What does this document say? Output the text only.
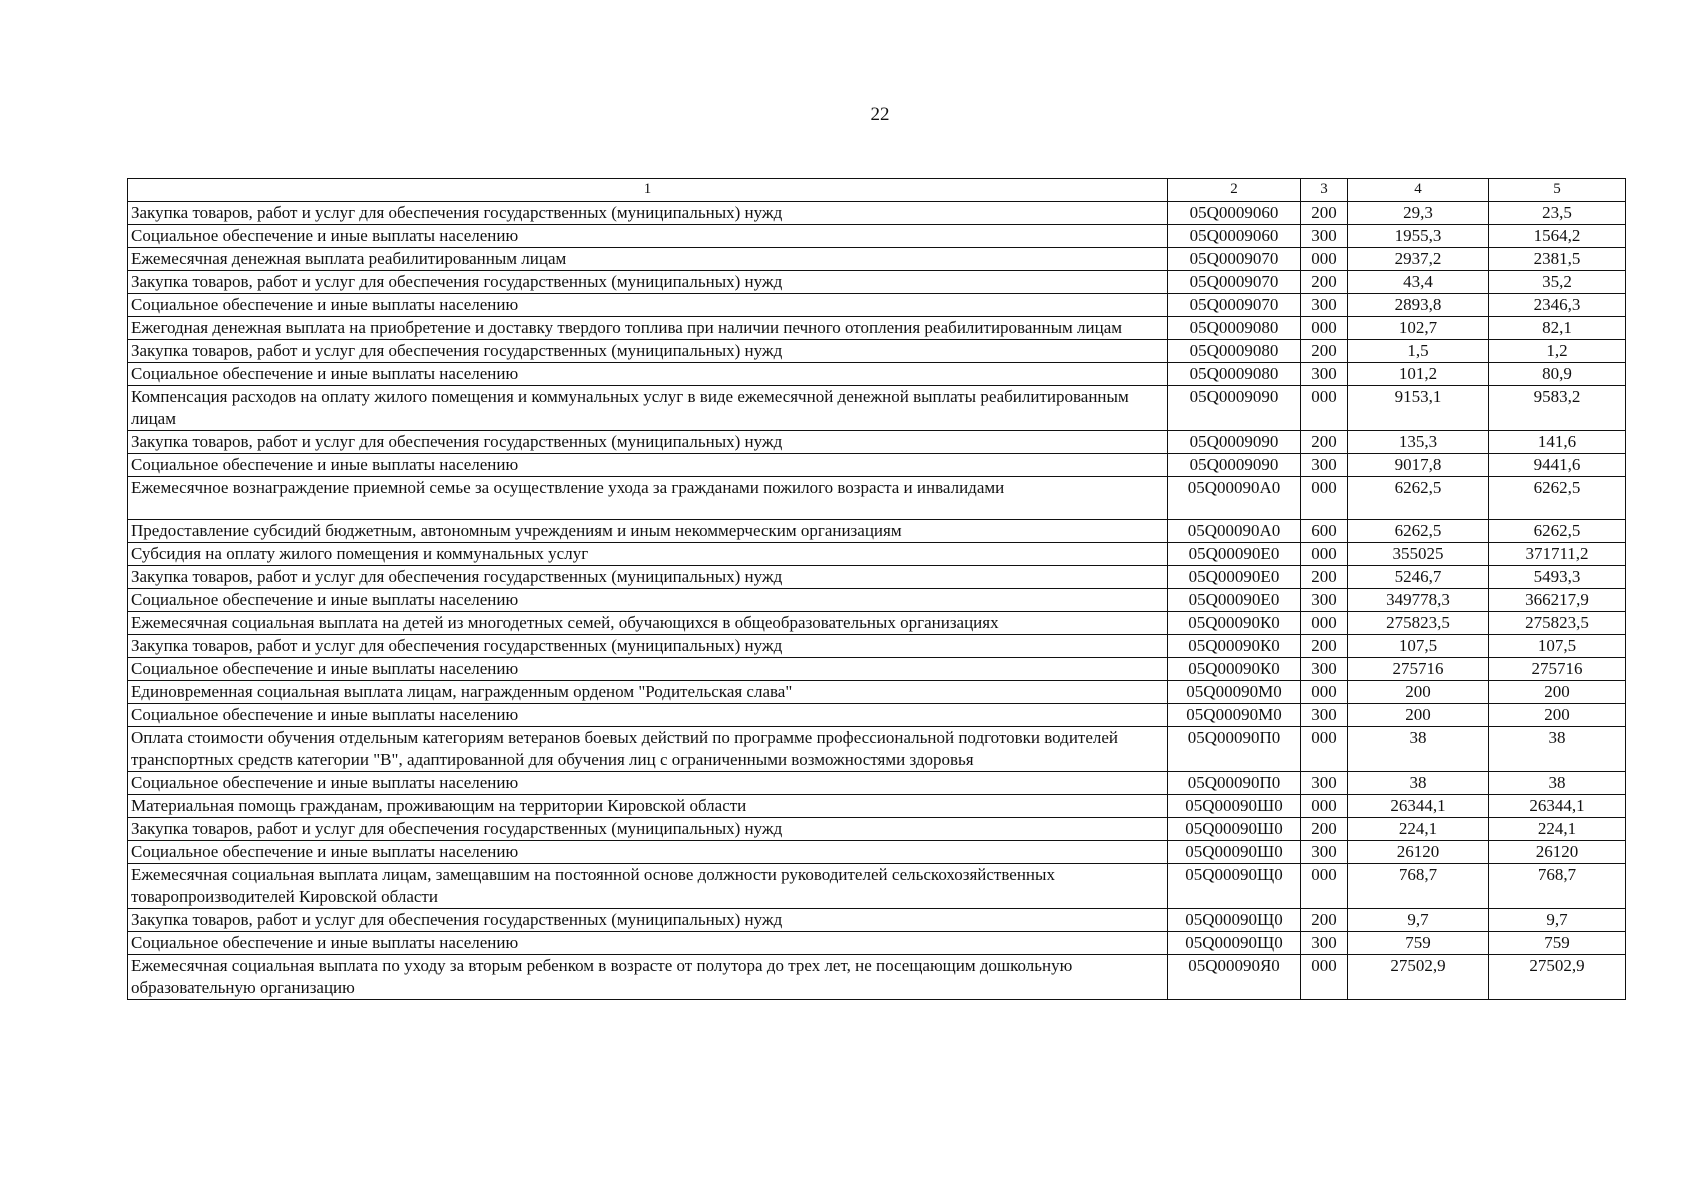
22
1	2	3	4	5
Закупка товаров, работ и услуг для обеспечения государственных (муниципальных) нужд	05Q0009060	200	29,3	23,5
Социальное обеспечение и иные выплаты населению	05Q0009060	300	1955,3	1564,2
Ежемесячная денежная выплата реабилитированным лицам	05Q0009070	000	2937,2	2381,5
Закупка товаров, работ и услуг для обеспечения государственных (муниципальных) нужд	05Q0009070	200	43,4	35,2
Социальное обеспечение и иные выплаты населению	05Q0009070	300	2893,8	2346,3
Ежегодная денежная выплата на приобретение и доставку твердого топлива при наличии печного отопления реабилитированным лицам	05Q0009080	000	102,7	82,1
Закупка товаров, работ и услуг для обеспечения государственных (муниципальных) нужд	05Q0009080	200	1,5	1,2
Социальное обеспечение и иные выплаты населению	05Q0009080	300	101,2	80,9
Компенсация расходов на оплату жилого помещения и коммунальных услуг в виде ежемесячной денежной выплаты реабилитированным лицам	05Q0009090	000	9153,1	9583,2
Закупка товаров, работ и услуг для обеспечения государственных (муниципальных) нужд	05Q0009090	200	135,3	141,6
Социальное обеспечение и иные выплаты населению	05Q0009090	300	9017,8	9441,6
Ежемесячное вознаграждение приемной семье за осуществление ухода за гражданами пожилого возраста и инвалидами	05Q00090А0	000	6262,5	6262,5
Предоставление субсидий бюджетным, автономным учреждениям и иным некоммерческим организациям	05Q00090А0	600	6262,5	6262,5
Субсидия на оплату жилого помещения и коммунальных услуг	05Q00090Е0	000	355025	371711,2
Закупка товаров, работ и услуг для обеспечения государственных (муниципальных) нужд	05Q00090Е0	200	5246,7	5493,3
Социальное обеспечение и иные выплаты населению	05Q00090Е0	300	349778,3	366217,9
Ежемесячная социальная выплата на детей из многодетных семей, обучающихся в общеобразовательных организациях	05Q00090К0	000	275823,5	275823,5
Закупка товаров, работ и услуг для обеспечения государственных (муниципальных) нужд	05Q00090К0	200	107,5	107,5
Социальное обеспечение и иные выплаты населению	05Q00090К0	300	275716	275716
Единовременная социальная выплата лицам, награжденным орденом "Родительская слава"	05Q00090М0	000	200	200
Социальное обеспечение и иные выплаты населению	05Q00090М0	300	200	200
Оплата стоимости обучения отдельным категориям ветеранов боевых действий по программе профессиональной подготовки водителей транспортных средств категории "В", адаптированной для обучения лиц с ограниченными возможностями здоровья	05Q00090П0	000	38	38
Социальное обеспечение и иные выплаты населению	05Q00090П0	300	38	38
Материальная помощь гражданам, проживающим на территории Кировской области	05Q00090Ш0	000	26344,1	26344,1
Закупка товаров, работ и услуг для обеспечения государственных (муниципальных) нужд	05Q00090Ш0	200	224,1	224,1
Социальное обеспечение и иные выплаты населению	05Q00090Ш0	300	26120	26120
Ежемесячная социальная выплата лицам, замещавшим на постоянной основе должности руководителей сельскохозяйственных товаропроизводителей Кировской области	05Q00090Щ0	000	768,7	768,7
Закупка товаров, работ и услуг для обеспечения государственных (муниципальных) нужд	05Q00090Щ0	200	9,7	9,7
Социальное обеспечение и иные выплаты населению	05Q00090Щ0	300	759	759
Ежемесячная социальная выплата по уходу за вторым ребенком в возрасте от полутора до трех лет, не посещающим дошкольную образовательную организацию	05Q00090Я0	000	27502,9	27502,9
